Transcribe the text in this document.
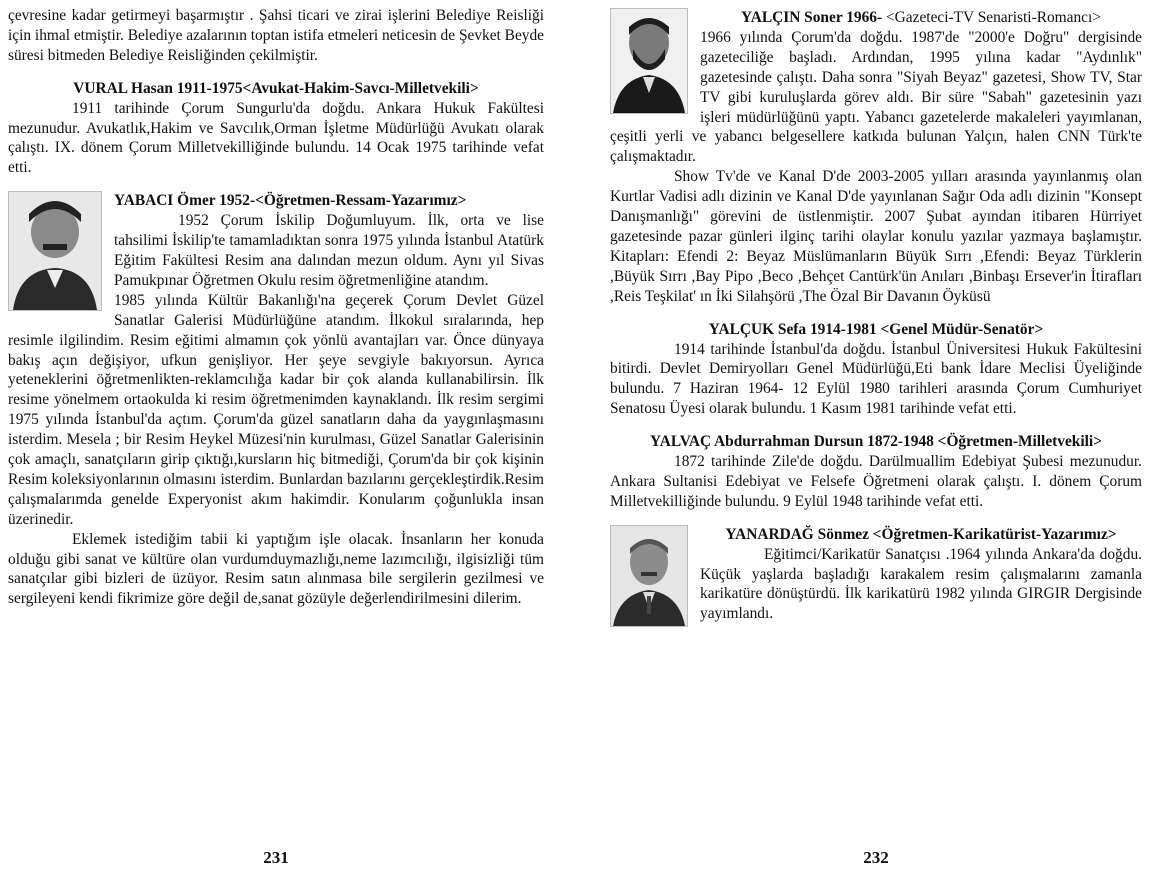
çevresine kadar getirmeyi başarmıştır . Şahsi ticari ve zirai işlerini Belediye Reisliği için ihmal etmiştir. Belediye azalarının toptan istifa etmeleri neticesin de Şevket Beyde süresi bitmeden Belediye Reisliğinden çekilmiştir.

VURAL Hasan 1911-1975<Avukat-Hakim-Savcı-Milletvekili>

1911 tarihinde Çorum Sungurlu'da doğdu. Ankara Hukuk Fakültesi mezunudur. Avukatlık,Hakim ve Savcılık,Orman İşletme Müdürlüğü Avukatı olarak çalıştı. IX. dönem Çorum Milletvekilliğinde bulundu. 14 Ocak 1975 tarihinde vefat etti.

YABACI Ömer 1952-<Öğretmen-Ressam-Yazarımız>

1952 Çorum İskilip Doğumluyum. İlk, orta ve lise tahsilimi İskilip'te tamamladıktan sonra 1975 yılında İstanbul Atatürk Eğitim Fakültesi Resim ana dalından mezun oldum. Aynı yıl Sivas Pamukpınar Öğretmen Okulu resim öğretmenliğine atandım.

1985 yılında Kültür Bakanlığı'na geçerek Çorum Devlet Güzel Sanatlar Galerisi Müdürlüğüne atandım. İlkokul sıralarında, hep resimle ilgilindim. Resim eğitimi almamın çok yönlü avantajları var. Önce dünyaya bakış açın değişiyor, ufkun genişliyor. Her şeye sevgiyle bakıyorsun. Ayrıca yeteneklerini öğretmenlikten-reklamcılığa kadar bir çok alanda kullanabilirsin. İlk resime yönelmem ortaokulda ki resim öğretmenimden kaynaklandı. İlk resim sergimi 1975 yılında İstanbul'da açtım. Çorum'da güzel sanatların daha da yaygınlaşmasını isterdim. Mesela ; bir Resim Heykel Müzesi'nin kurulması, Güzel Sanatlar Galerisinin çok amaçlı, sanatçıların girip çıktığı,kursların hiç bitmediği, Çorum'da bir çok kişinin Resim koleksiyonlarının olmasını isterdim. Bunlardan bazılarını gerçekleştirdik.Resim çalışmalarımda genelde Experyonist akım hakimdir. Konularım çoğunlukla insan üzerinedir.

Eklemek istediğim tabii ki yaptığım işle olacak. İnsanların her konuda olduğu gibi sanat ve kültüre olan vurdumduymazlığı,neme lazımcılığı, ilgisizliği tüm sanatçılar gibi bizleri de üzüyor. Resim satın alınmasa bile sergilerin gezilmesi ve sergileyeni kendi fikrimize göre değil de,sanat gözüyle değerlendirilmesini dilerim.

231
YALÇIN Soner 1966- <Gazeteci-TV Senaristi-Romancı>

1966 yılında Çorum'da doğdu. 1987'de "2000'e Doğru" dergisinde gazeteciliğe başladı. Ardından, 1995 yılına kadar "Aydınlık" gazetesinde çalıştı. Daha sonra "Siyah Beyaz" gazetesi, Show TV, Star TV gibi kuruluşlarda görev aldı. Bir süre "Sabah" gazetesinin yazı işleri müdürlüğünü yaptı. Yabancı gazetelerde makaleleri yayımlanan, çeşitli yerli ve yabancı belgesellere katkıda bulunan Yalçın, halen CNN Türk'te çalışmaktadır.

Show Tv'de ve Kanal D'de 2003-2005 yılları arasında yayınlanmış olan Kurtlar Vadisi adlı dizinin ve Kanal D'de yayınlanan Sağır Oda adlı dizinin "Konsept Danışmanlığı" görevini de üstlenmiştir. 2007 Şubat ayından itibaren Hürriyet gazetesinde pazar günleri ilginç tarihi olaylar konulu yazılar yazmaya başlamıştır. Kitapları: Efendi 2: Beyaz Müslümanların Büyük Sırrı ,Efendi: Beyaz Türklerin ,Büyük Sırrı ,Bay Pipo ,Beco ,Behçet Cantürk'ün Anıları ,Binbaşı Ersever'in İtirafları ,Reis Teşkilat' ın İki Silahşörü ,The Özal Bir Davanın Öyküsü

YALÇUK Sefa 1914-1981 <Genel Müdür-Senatör>

1914 tarihinde İstanbul'da doğdu. İstanbul Üniversitesi Hukuk Fakültesini bitirdi. Devlet Demiryolları Genel Müdürlüğü,Eti bank İdare Meclisi Üyeliğinde bulundu. 7 Haziran 1964- 12 Eylül 1980 tarihleri arasında Çorum Cumhuriyet Senatosu Üyesi olarak bulundu. 1 Kasım 1981 tarihinde vefat etti.

YALVAÇ Abdurrahman Dursun 1872-1948 <Öğretmen-Milletvekili>

1872 tarihinde Zile'de doğdu. Darülmuallim Edebiyat Şubesi mezunudur. Ankara Sultanisi Edebiyat ve Felsefe Öğretmeni olarak çalıştı. I. dönem Çorum Milletvekilliğinde bulundu. 9 Eylül 1948 tarihinde vefat etti.

YANARDAĞ Sönmez <Öğretmen-Karikatürist-Yazarımız>

Eğitimci/Karikatür Sanatçısı .1964 yılında Ankara'da doğdu. Küçük yaşlarda başladığı karakalem resim çalışmalarını zamanla karikatüre dönüştürdü. İlk karikatürü 1982 yılında GIRGIR Dergisinde yayımlandı.

232
